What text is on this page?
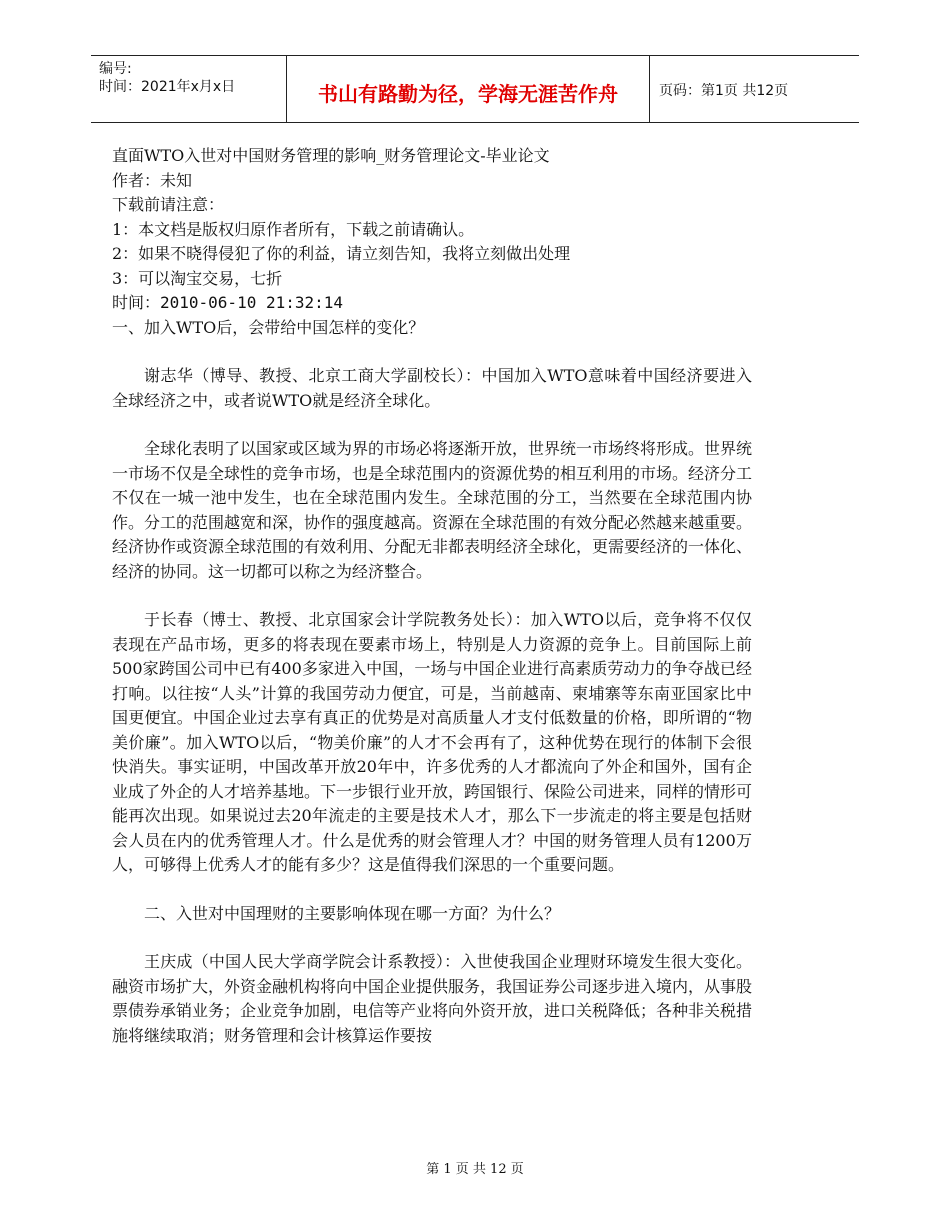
编号:
时间：2021年x月x日	书山有路勤为径，学海无涯苦作舟	页码：第1页 共12页

直面WTO入世对中国财务管理的影响_财务管理论文-毕业论文

作者：未知

下载前请注意：

1：本文档是版权归原作者所有，下载之前请确认。

2：如果不晓得侵犯了你的利益，请立刻告知，我将立刻做出处理

3：可以淘宝交易，七折

时间：2010-06-10 21:32:14

一、加入WTO后，会带给中国怎样的变化？

谢志华（博导、教授、北京工商大学副校长）：中国加入WTO意味着中国经济要进入全球经济之中，或者说WTO就是经济全球化。

全球化表明了以国家或区域为界的市场必将逐渐开放，世界统一市场终将形成。世界统一市场不仅是全球性的竞争市场，也是全球范围内的资源优势的相互利用的市场。经济分工不仅在一城一池中发生，也在全球范围内发生。全球范围的分工，当然要在全球范围内协作。分工的范围越宽和深，协作的强度越高。资源在全球范围的有效分配必然越来越重要。经济协作或资源全球范围的有效利用、分配无非都表明经济全球化，更需要经济的一体化、经济的协同。这一切都可以称之为经济整合。

于长春（博士、教授、北京国家会计学院教务处长）：加入WTO以后，竞争将不仅仅表现在产品市场，更多的将表现在要素市场上，特别是人力资源的竞争上。目前国际上前500家跨国公司中已有400多家进入中国，一场与中国企业进行高素质劳动力的争夺战已经打响。以往按“人头”计算的我国劳动力便宜，可是，当前越南、柬埔寨等东南亚国家比中国更便宜。中国企业过去享有真正的优势是对高质量人才支付低数量的价格，即所谓的“物美价廉”。加入WTO以后，“物美价廉”的人才不会再有了，这种优势在现行的体制下会很快消失。事实证明，中国改革开放20年中，许多优秀的人才都流向了外企和国外，国有企业成了外企的人才培养基地。下一步银行业开放，跨国银行、保险公司进来，同样的情形可能再次出现。如果说过去20年流走的主要是技术人才，那么下一步流走的将主要是包括财会人员在内的优秀管理人才。什么是优秀的财会管理人才？中国的财务管理人员有1200万人，可够得上优秀人才的能有多少？这是值得我们深思的一个重要问题。

二、入世对中国理财的主要影响体现在哪一方面？为什么？

王庆成（中国人民大学商学院会计系教授）：入世使我国企业理财环境发生很大变化。融资市场扩大，外资金融机构将向中国企业提供服务，我国证券公司逐步进入境内，从事股票债券承销业务；企业竞争加剧，电信等产业将向外资开放，进口关税降低；各种非关税措施将继续取消；财务管理和会计核算运作要按

第 1 页 共 12 页
